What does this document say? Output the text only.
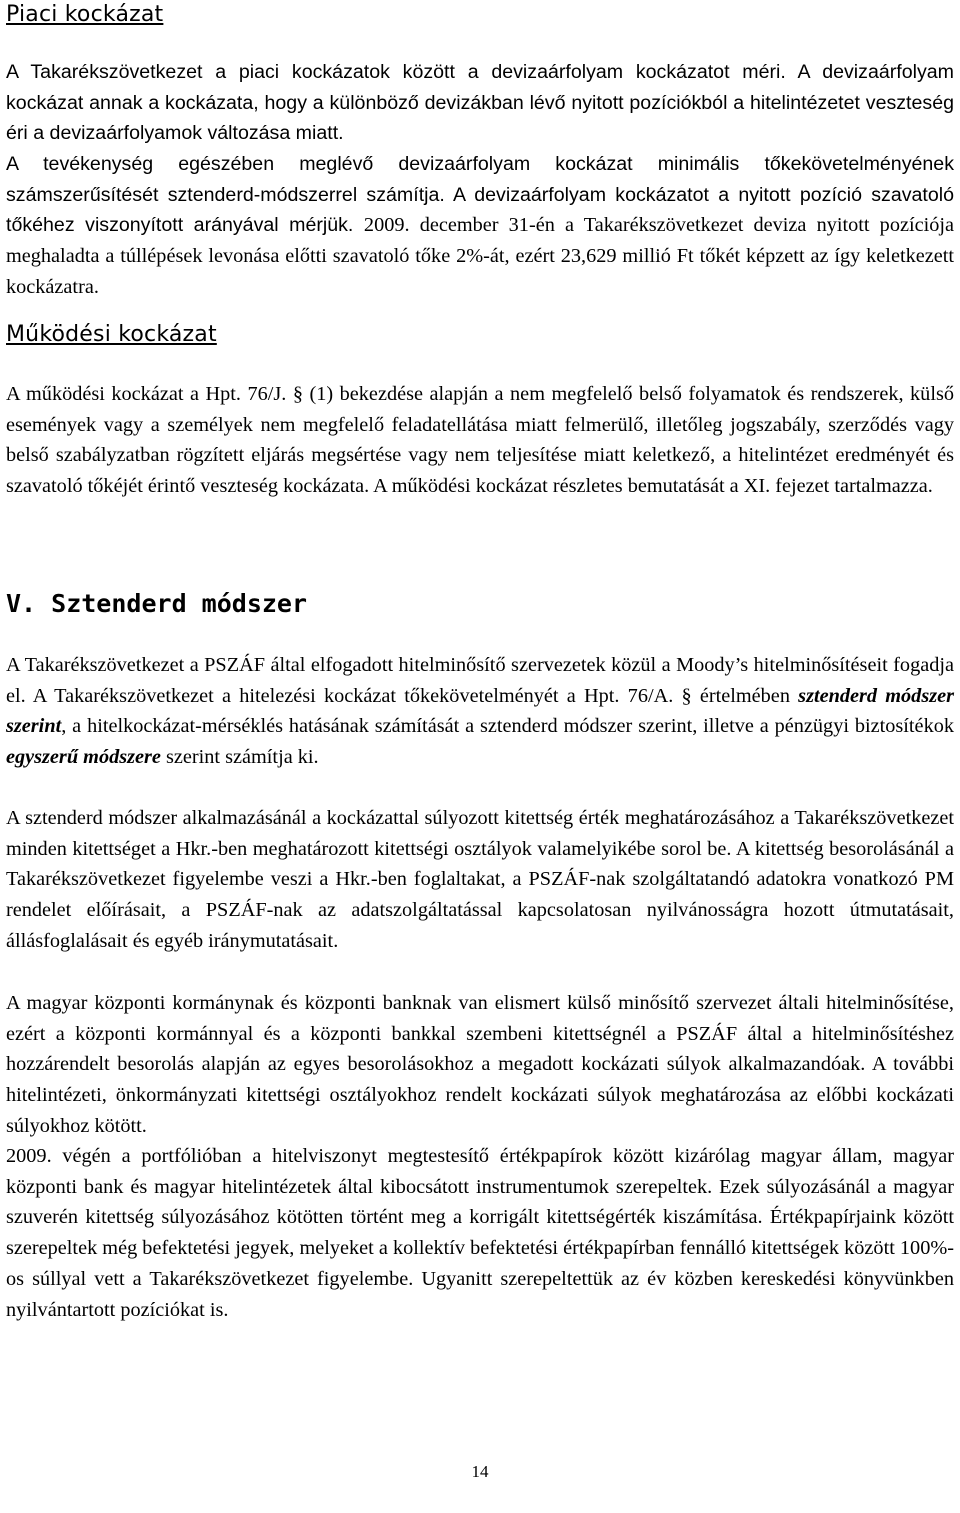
Piaci kockázat

A Takarékszövetkezet a piaci kockázatok között a devizaárfolyam kockázatot méri. A devizaárfolyam kockázat annak a kockázata, hogy a különböző devizákban lévő nyitott pozíciókból a hitelintézetet veszteség éri a devizaárfolyamok változása miatt.

A tevékenység egészében meglévő devizaárfolyam kockázat minimális tőkekövetelményének számszerűsítését sztenderd-módszerrel számítja. A devizaárfolyam kockázatot a nyitott pozíció szavatoló tőkéhez viszonyított arányával mérjük. 2009. december 31-én a Takarékszövetkezet deviza nyitott pozíciója meghaladta a túllépések levonása előtti szavatoló tőke 2%-át, ezért 23,629 millió Ft tőkét képzett az így keletkezett kockázatra.

Működési kockázat

A működési kockázat a Hpt. 76/J. § (1) bekezdése alapján a nem megfelelő belső folyamatok és rendszerek, külső események vagy a személyek nem megfelelő feladatellátása miatt felmerülő, illetőleg jogszabály, szerződés vagy belső szabályzatban rögzített eljárás megsértése vagy nem teljesítése miatt keletkező, a hitelintézet eredményét és szavatoló tőkéjét érintő veszteség kockázata. A működési kockázat részletes bemutatását a XI. fejezet tartalmazza.

V. Sztenderd módszer

A Takarékszövetkezet a PSZÁF által elfogadott hitelminősítő szervezetek közül a Moody’s hitelminősítéseit fogadja el. A Takarékszövetkezet a hitelezési kockázat tőkekövetelményét a Hpt. 76/A. § értelmében sztenderd módszer szerint, a hitelkockázat-mérséklés hatásának számítását a sztenderd módszer szerint, illetve a pénzügyi biztosítékok egyszerű módszere szerint számítja ki.

A sztenderd módszer alkalmazásánál a kockázattal súlyozott kitettség érték meghatározásához a Takarékszövetkezet minden kitettséget a Hkr.-ben meghatározott kitettségi osztályok valamelyikébe sorol be. A kitettség besorolásánál a Takarékszövetkezet figyelembe veszi a Hkr.-ben foglaltakat, a PSZÁF-nak szolgáltatandó adatokra vonatkozó PM rendelet előírásait, a PSZÁF-nak az adatszolgáltatással kapcsolatosan nyilvánosságra hozott útmutatásait, állásfoglalásait és egyéb iránymutatásait.

A magyar központi kormánynak és központi banknak van elismert külső minősítő szervezet általi hitelminősítése, ezért a központi kormánnyal és a központi bankkal szembeni kitettségnél a PSZÁF által a hitelminősítéshez hozzárendelt besorolás alapján az egyes besorolásokhoz a megadott kockázati súlyok alkalmazandóak. A további hitelintézeti, önkormányzati kitettségi osztályokhoz rendelt kockázati súlyok meghatározása az előbbi kockázati súlyokhoz kötött.

2009. végén a portfólióban a hitelviszonyt megtestesítő értékpapírok között kizárólag magyar állam, magyar központi bank és magyar hitelintézetek által kibocsátott instrumentumok szerepeltek. Ezek súlyozásánál a magyar szuverén kitettség súlyozásához kötötten történt meg a korrigált kitettségérték kiszámítása. Értékpapírjaink között szerepeltek még befektetési jegyek, melyeket a kollektív befektetési értékpapírban fennálló kitettségek között 100%-os súllyal vett a Takarékszövetkezet figyelembe. Ugyanitt szerepeltettük az év közben kereskedési könyvünkben nyilvántartott pozíciókat is.

14
